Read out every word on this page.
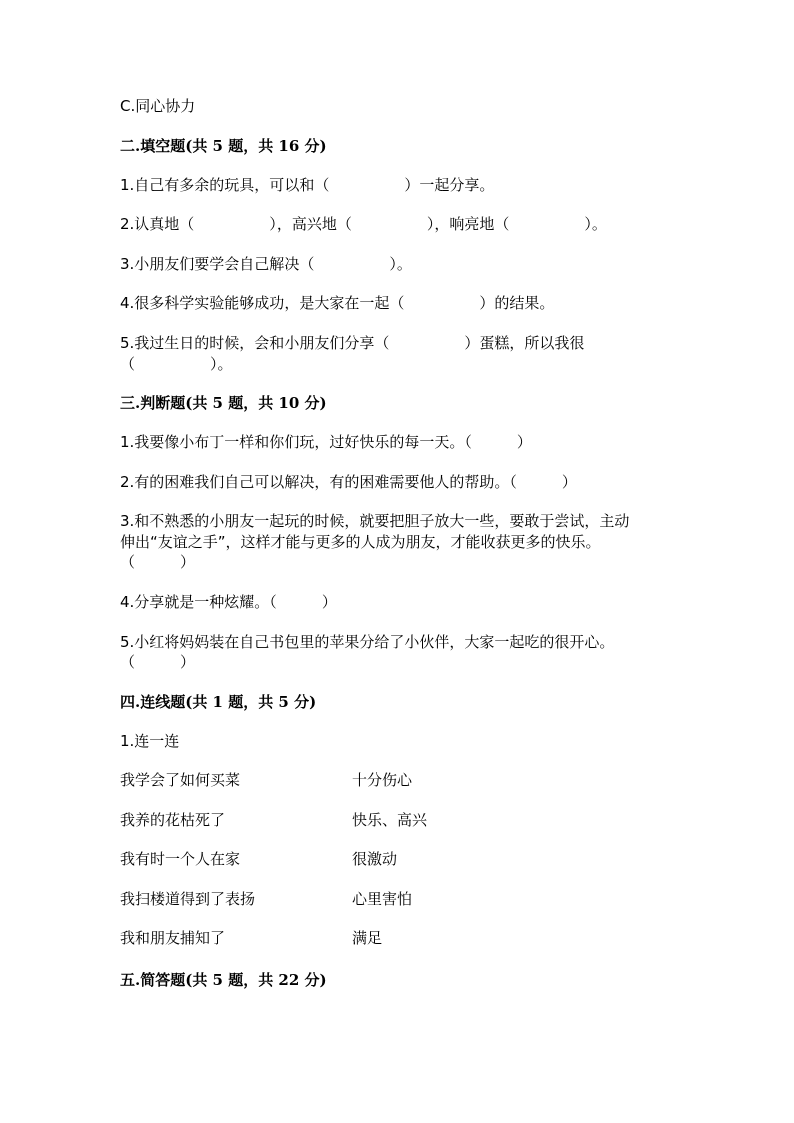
C.同心协力
二.填空题(共 5 题，共 16 分)
1.自己有多余的玩具，可以和（　　　　　）一起分享。
2.认真地（　　　　　），高兴地（　　　　　），响亮地（　　　　　）。
3.小朋友们要学会自己解决（　　　　　）。
4.很多科学实验能够成功，是大家在一起（　　　　　）的结果。
5.我过生日的时候，会和小朋友们分享（　　　　　）蛋糕，所以我很
（　　　　　）。
三.判断题(共 5 题，共 10 分)
1.我要像小布丁一样和你们玩，过好快乐的每一天。（　　　）
2.有的困难我们自己可以解决，有的困难需要他人的帮助。（　　　）
3.和不熟悉的小朋友一起玩的时候，就要把胆子放大一些，要敢于尝试，主动
伸出“友谊之手”，这样才能与更多的人成为朋友，才能收获更多的快乐。
（　　　）
4.分享就是一种炫耀。（　　　）
5.小红将妈妈装在自己书包里的苹果分给了小伙伴，大家一起吃的很开心。
（　　　）
四.连线题(共 1 题，共 5 分)
1.连一连
我学会了如何买菜	十分伤心
我养的花枯死了	快乐、高兴
我有时一个人在家	很激动
我扫楼道得到了表扬	心里害怕
我和朋友捕知了	满足
五.简答题(共 5 题，共 22 分)
